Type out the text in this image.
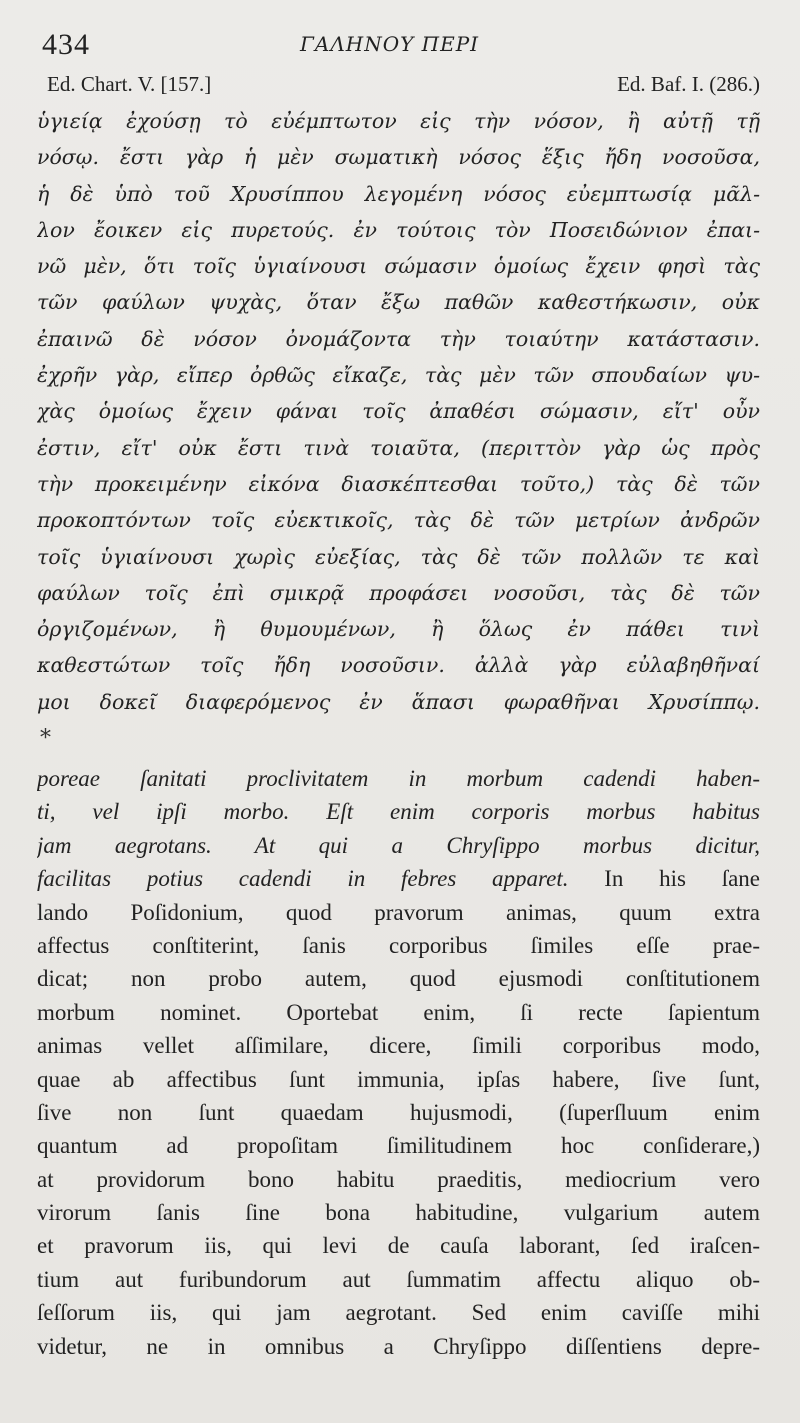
434	ΓΑΛΗΝΟΥ ΠΕΡΙ
Ed. Chart. V. [157.]	Ed. Baf. I. (286.)
ὑγιείᾳ ἐχούσῃ τὸ εὐέμπτωτον εἰς τὴν νόσον, ἢ αὐτῇ τῇ
νόσῳ. ἔστι γὰρ ἡ μὲν σωματικὴ νόσος ἕξις ἤδη νοσοῦσα,
ἡ δὲ ὑπὸ τοῦ Χρυσίππου λεγομένη νόσος εὐεμπτωσίᾳ μᾶλ-
λον ἔοικεν εἰς πυρετούς. ἐν τούτοις τὸν Ποσειδώνιον ἐπαι-
νῶ μὲν, ὅτι τοῖς ὑγιαίνουσι σώμασιν ὁμοίως ἔχειν φησὶ τὰς
τῶν φαύλων ψυχὰς, ὅταν ἔξω παθῶν καθεστήκωσιν, οὐκ
ἐπαινῶ δὲ νόσον ὀνομάζοντα τὴν τοιαύτην κατάστασιν.
ἐχρῆν γὰρ, εἴπερ ὀρθῶς εἴκαζε, τὰς μὲν τῶν σπουδαίων ψυ-
χὰς ὁμοίως ἔχειν φάναι τοῖς ἀπαθέσι σώμασιν, εἴτ' οὖν
ἐστιν, εἴτ' οὐκ ἔστι τινὰ τοιαῦτα, (περιττὸν γὰρ ὡς πρὸς
τὴν προκειμένην εἰκόνα διασκέπτεσθαι τοῦτο,) τὰς δὲ τῶν
προκοπτόντων τοῖς εὐεκτικοῖς, τὰς δὲ τῶν μετρίων ἀνδρῶν
τοῖς ὑγιαίνουσι χωρὶς εὐεξίας, τὰς δὲ τῶν πολλῶν τε καὶ
φαύλων τοῖς ἐπὶ σμικρᾷ προφάσει νοσοῦσι, τὰς δὲ τῶν
ὀργιζομένων, ἢ θυμουμένων, ἢ ὅλως ἐν πάθει τινὶ
καθεστώτων τοῖς ἤδη νοσοῦσιν. ἀλλὰ γὰρ εὐλαβηθῆναί
μοι δοκεῖ διαφερόμενος ἐν ἅπασι φωραθῆναι Χρυσίππῳ.
*
poreae ſanitati proclivitatem in morbum cadendi haben-
ti, vel ipſi morbo. Eſt enim corporis morbus habitus
jam aegrotans. At qui a Chryſippo morbus dicitur,
facilitas potius cadendi in febres apparet. In his ſane
lando Poſidonium, quod pravorum animas, quum extra
affectus conſtiterint, ſanis corporibus ſimiles eſſe prae-
dicat; non probo autem, quod ejusmodi conſtitutionem
morbum nominet. Oportebat enim, ſi recte ſapientum
animas vellet aſſimilare, dicere, ſimili corporibus modo,
quae ab affectibus ſunt immunia, ipſas habere, ſive ſunt,
ſive non ſunt quaedam hujusmodi, (ſuperſluum enim
quantum ad propoſitam ſimilitudinem hoc conſiderare,)
at providorum bono habitu praeditis, mediocrium vero
virorum ſanis ſine bona habitudine, vulgarium autem
et pravorum iis, qui levi de cauſa laborant, ſed iraſcen-
tium aut furibundorum aut ſummatim affectu aliquo ob-
ſeſſorum iis, qui jam aegrotant. Sed enim caviſſe mihi
videtur, ne in omnibus a Chryſippo diſſentiens depre-
